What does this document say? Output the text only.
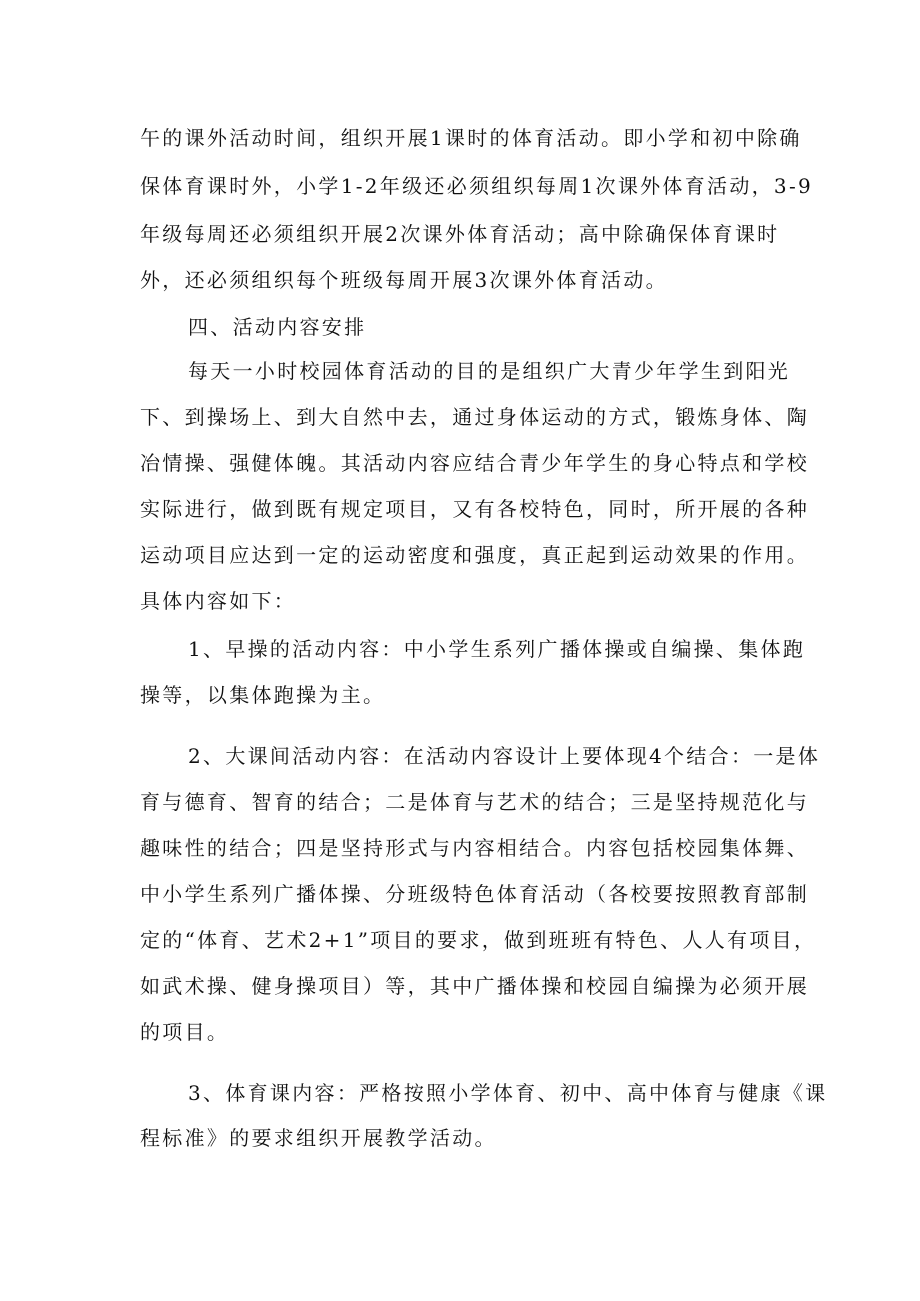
午的课外活动时间，组织开展1课时的体育活动。即小学和初中除确
保体育课时外，小学1-2年级还必须组织每周1次课外体育活动，3-9
年级每周还必须组织开展2次课外体育活动；高中除确保体育课时
外，还必须组织每个班级每周开展3次课外体育活动。
四、活动内容安排
每天一小时校园体育活动的目的是组织广大青少年学生到阳光
下、到操场上、到大自然中去，通过身体运动的方式，锻炼身体、陶
冶情操、强健体魄。其活动内容应结合青少年学生的身心特点和学校
实际进行，做到既有规定项目，又有各校特色，同时，所开展的各种
运动项目应达到一定的运动密度和强度，真正起到运动效果的作用。
具体内容如下：
1、早操的活动内容：中小学生系列广播体操或自编操、集体跑
操等，以集体跑操为主。
2、大课间活动内容：在活动内容设计上要体现4个结合：一是体
育与德育、智育的结合；二是体育与艺术的结合；三是坚持规范化与
趣味性的结合；四是坚持形式与内容相结合。内容包括校园集体舞、
中小学生系列广播体操、分班级特色体育活动（各校要按照教育部制
定的“体育、艺术2+1”项目的要求，做到班班有特色、人人有项目，
如武术操、健身操项目）等，其中广播体操和校园自编操为必须开展
的项目。
3、体育课内容：严格按照小学体育、初中、高中体育与健康《课
程标准》的要求组织开展教学活动。
